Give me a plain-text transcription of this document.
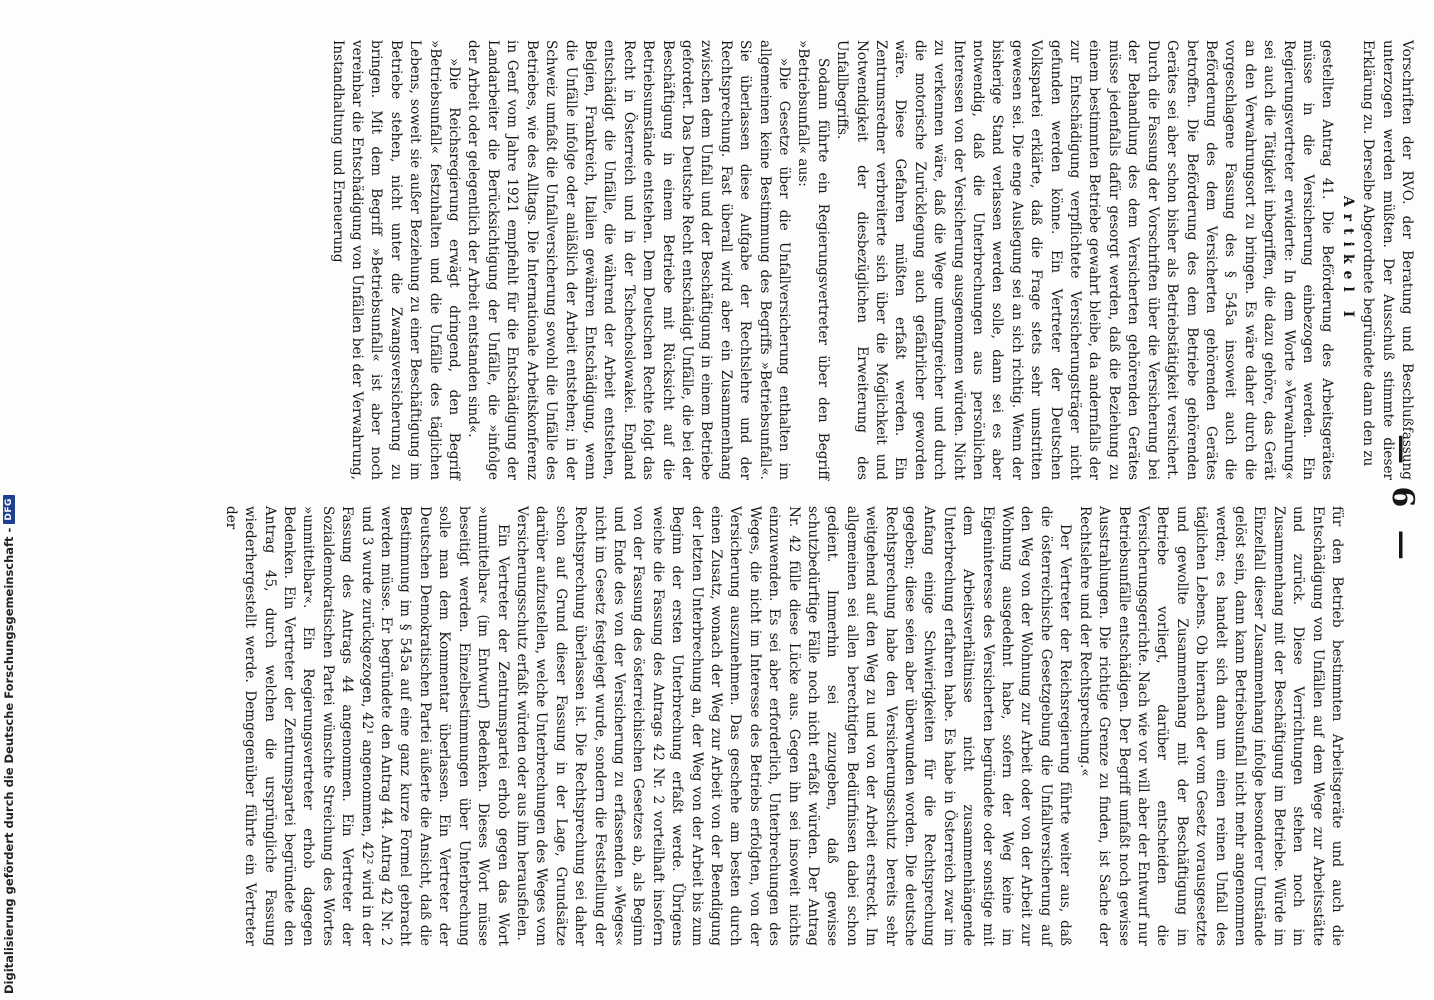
— 6 —

Vorschriften der RVO. der Beratung und Beschlußfassung unterzogen werden müßten. Der Ausschuß stimmte dieser Erklärung zu. Derselbe Abgeordnete begründete dann den zu

Artikel I

gestellten Antrag 41. Die Beförderung des Arbeitsgerätes müsse in die Versicherung einbezogen werden. Ein Regierungsvertreter erwiderte: In dem Worte »Verwahrung« sei auch die Tätigkeit inbegriffen, die dazu gehöre, das Gerät an den Verwahrungsort zu bringen. Es wäre daher durch die vorgeschlagene Fassung des § 545a insoweit auch die Beförderung des dem Versicherten gehörenden Gerätes betroffen. Die Beförderung des dem Betriebe gehörenden Gerätes sei aber schon bisher als Betriebstätigkeit versichert. Durch die Fassung der Vorschriften über die Versicherung bei der Behandlung des dem Versicherten gehörenden Gerätes müsse jedenfalls dafür gesorgt werden, daß die Beziehung zu einem bestimmten Betriebe gewahrt bleibe, da andernfalls der zur Entschädigung verpflichtete Versicherungsträger nicht gefunden werden könne. Ein Vertreter der Deutschen Volkspartei erklärte, daß die Frage stets sehr umstritten gewesen sei. Die enge Auslegung sei an sich richtig. Wenn der bisherige Stand verlassen werden solle, dann sei es aber notwendig, daß die Unterbrechungen aus persönlichen Interessen von der Versicherung ausgenommen würden. Nicht zu verkennen wäre, daß die Wege umfangreicher und durch die motorische Zurücklegung auch gefährlicher geworden wäre. Diese Gefahren müßten erfaßt werden. Ein Zentrumsredner verbreiterte sich über die Möglichkeit und Notwendigkeit der diesbezüglichen Erweiterung des Unfallbegriffs.

Sodann führte ein Regierungsvertreter über den Begriff »Betriebsunfall« aus:

»Die Gesetze über die Unfallversicherung enthalten im allgemeinen keine Bestimmung des Begriffs »Betriebsunfall«. Sie überlassen diese Aufgabe der Rechtslehre und der Rechtsprechung. Fast überall wird aber ein Zusammenhang zwischen dem Unfall und der Beschäftigung in einem Betriebe gefordert. Das Deutsche Recht entschädigt Unfälle, die bei der Beschäftigung in einem Betriebe mit Rücksicht auf die Betriebsumstände entstehen. Dem Deutschen Rechte folgt das Recht in Österreich und in der Tschechoslowakei. England entschädigt die Unfälle, die während der Arbeit entstehen, Belgien, Frankreich, Italien gewähren Entschädigung, wenn die Unfälle infolge oder anläßlich der Arbeit entstehen; in der Schweiz umfaßt die Unfallversicherung sowohl die Unfälle des Betriebes, wie des Alltags. Die Internationale Arbeitskonferenz in Genf vom Jahre 1921 empfiehlt für die Entschädigung der Landarbeiter die Berücksichtigung der Unfälle, die »infolge der Arbeit oder gelegentlich der Arbeit entstanden sind«.

»Die Reichsregierung erwägt dringend, den Begriff »Betriebsunfall« festzuhalten und die Unfälle des täglichen Lebens, soweit sie außer Beziehung zu einer Beschäftigung im Betriebe stehen, nicht unter die Zwangsversicherung zu bringen. Mit dem Begriff »Betriebsunfall« ist aber noch vereinbar die Entschädigung von Unfällen bei der Verwahrung, Instandhaltung und Erneuerung

für den Betrieb bestimmten Arbeitsgeräte und auch die Entschädigung von Unfällen auf dem Wege zur Arbeitsstätte und zurück. Diese Verrichtungen stehen noch im Zusammenhang mit der Beschäftigung im Betriebe. Würde im Einzelfall dieser Zusammenhang infolge besonderer Umstände gelöst sein, dann kann Betriebsunfall nicht mehr angenommen werden; es handelt sich dann um einen reinen Unfall des täglichen Lebens. Ob hiernach der vom Gesetz vorausgesetzte und gewollte Zusammenhang mit der Beschäftigung im Betriebe vorliegt, darüber entscheiden die Versicherungsgerichte. Nach wie vor will aber der Entwurf nur Betriebsunfälle entschädigen. Der Begriff umfaßt noch gewisse Ausstrahlungen. Die richtige Grenze zu finden, ist Sache der Rechtslehre und der Rechtsprechung.«

Der Vertreter der Reichsregierung führte weiter aus, daß die österreichische Gesetzgebung die Unfallversicherung auf den Weg von der Wohnung zur Arbeit oder von der Arbeit zur Wohnung ausgedehnt habe, sofern der Weg keine im Eigeninteresse des Versicherten begründete oder sonstige mit dem Arbeitsverhältnisse nicht zusammenhängende Unterbrechung erfahren habe. Es habe in Österreich zwar im Anfang einige Schwierigkeiten für die Rechtsprechung gegeben; diese seien aber überwunden worden. Die deutsche Rechtsprechung habe den Versicherungsschutz bereits sehr weitgehend auf den Weg zu und von der Arbeit erstreckt. Im allgemeinen sei allen berechtigten Bedürfnissen dabei schon gedient. Immerhin sei zuzugeben, daß gewisse schutzbedürftige Fälle noch nicht erfaßt würden. Der Antrag Nr. 42 fülle diese Lücke aus. Gegen ihn sei insoweit nichts einzuwenden. Es sei aber erforderlich, Unterbrechungen des Weges, die nicht im Interesse des Betriebs erfolgten, von der Versicherung auszunehmen. Das geschehe am besten durch einen Zusatz, wonach der Weg zur Arbeit von der Beendigung der letzten Unterbrechung an, der Weg von der Arbeit bis zum Beginn der ersten Unterbrechung erfaßt werde. Übrigens weiche die Fassung des Antrags 42 Nr. 2 vorteilhaft insofern von der Fassung des österreichischen Gesetzes ab, als Beginn und Ende des von der Versicherung zu erfassenden »Weges« nicht im Gesetz festgelegt wurde, sondern die Feststellung der Rechtsprechung überlassen ist. Die Rechtsprechung sei daher schon auf Grund dieser Fassung in der Lage, Grundsätze darüber aufzustellen, welche Unterbrechungen des Weges vom Versicherungsschutz erfaßt würden oder aus ihm herausfielen.

Ein Vertreter der Zentrumspartei erhob gegen das Wort »unmittelbar« (im Entwurf) Bedenken. Dieses Wort müsse beseitigt werden. Einzelbestimmungen über Unterbrechung solle man dem Kommentar überlassen. Ein Vertreter der Deutschen Demokratischen Partei äußerte die Ansicht, daß die Bestimmung im § 545a auf eine ganz kurze Formel gebracht werden müsse. Er begründete den Antrag 44. Antrag 42 Nr. 2 und 3 wurde zurückgezogen, 42¹ angenommen, 42² wird in der Fassung des Antrags 44 angenommen. Ein Vertreter der Sozialdemokratischen Partei wünschte Streichung des Wortes »unmittelbar«. Ein Regierungsvertreter erhob dagegen Bedenken. Ein Vertreter der Zentrumspartei begründete den Antrag 45, durch welchen die ursprüngliche Fassung wiederhergestellt werde. Demgegenüber führte ein Vertreter der

Digitalisierung gefördert durch die Deutsche Forschungsgemeinschaft -
DFG
